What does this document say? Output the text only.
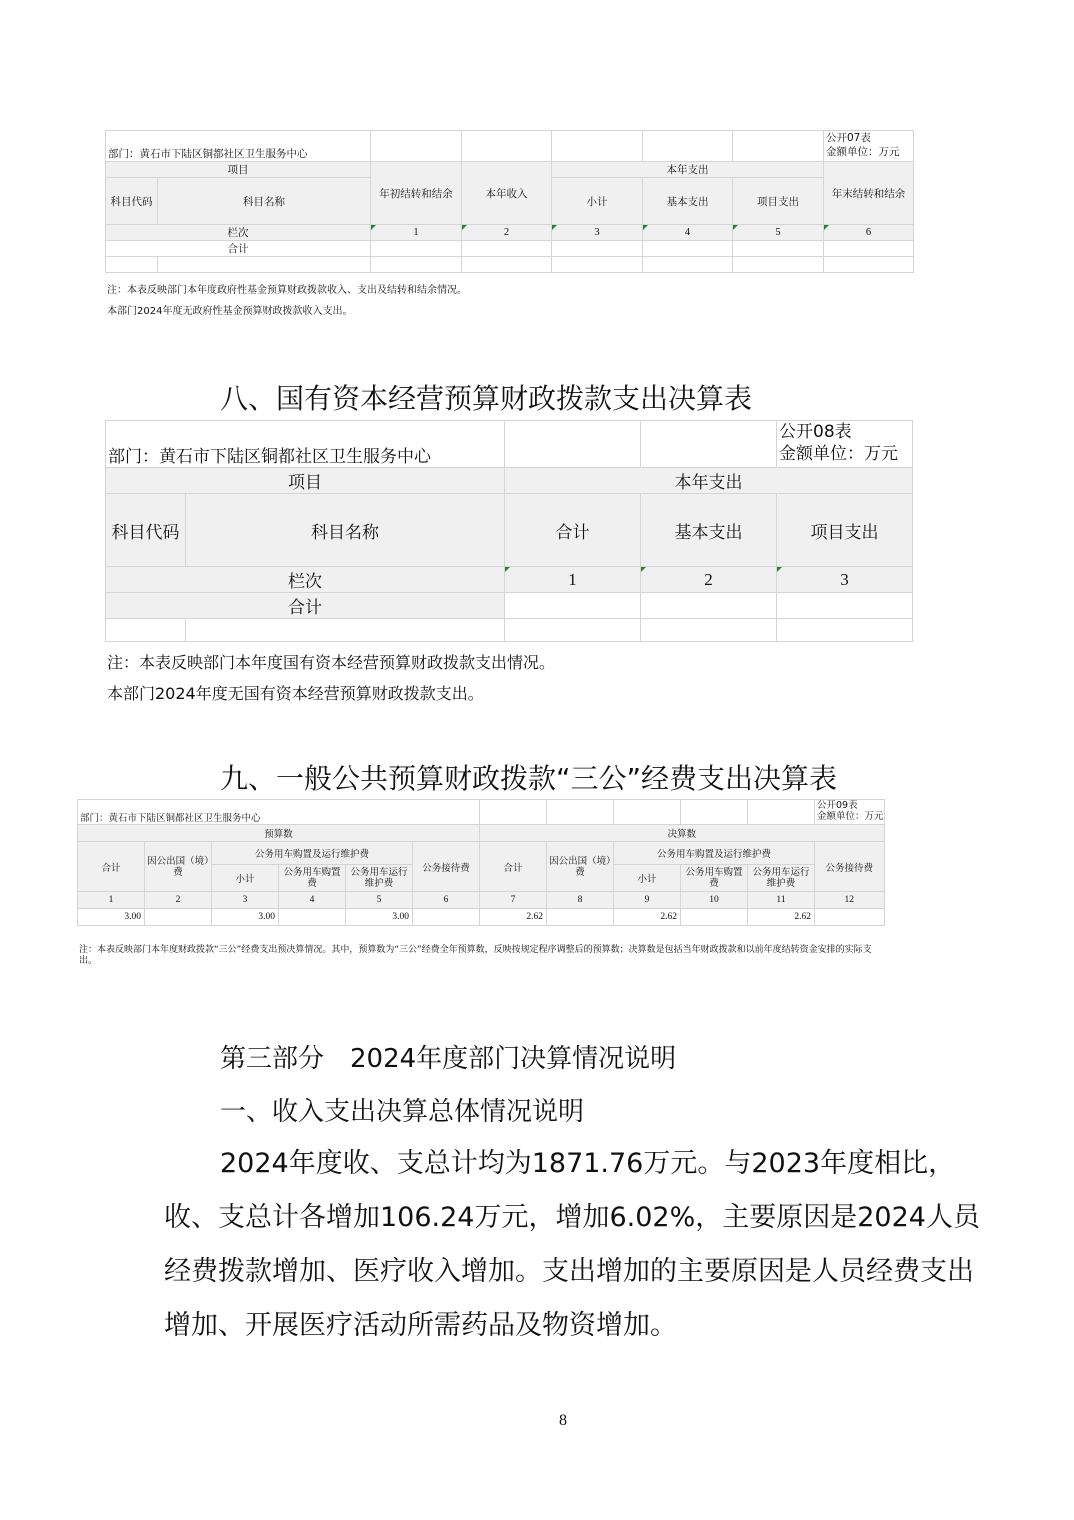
部门：黄石市下陆区铜都社区卫生服务中心							公开07表
金额单位：万元

项目		年初结转和结余	本年收入	本年支出			年末结转和结余
科目代码	科目名称			小计	基本支出	项目支出	
栏次		1	2	3	4	5	6
合计							

注：本表反映部门本年度政府性基金预算财政拨款收入、支出及结转和结余情况。
本部门2024年度无政府性基金预算财政拨款收入支出。
八、国有资本经营预算财政拨款支出决算表
部门：黄石市下陆区铜都社区卫生服务中心				公开08表
金额单位：万元

项目		本年支出		
科目代码	科目名称	合计	基本支出	项目支出
栏次		1	2	3
合计				

注：本表反映部门本年度国有资本经营预算财政拨款支出情况。
本部门2024年度无国有资本经营预算财政拨款支出。
九、一般公共预算财政拨款“三公”经费支出决算表
部门：黄石市下陆区铜都社区卫生服务中心											公开09表
金额单位：万元

预算数						决算数					
合计	因公出国（境）费	公务用车购置及运行维护费			公务接待费	合计	因公出国（境）费	公务用车购置及运行维护费			公务接待费
		小计	公务用车购置费	公务用车运行维护费				小计	公务用车购置费	公务用车运行维护费	
1	2	3	4	5	6	7	8	9	10	11	12
3.00		3.00		3.00		2.62		2.62		2.62	
注：本表反映部门本年度财政拨款“三公”经费支出预决算情况。其中，预算数为“三公”经费全年预算数，反映按规定程序调整后的预算数；决算数是包括当年财政拨款和以前年度结转资金安排的实际支出。
第三部分　2024年度部门决算情况说明
一、收入支出决算总体情况说明
2024年度收、支总计均为1871.76万元。与2023年度相比，收、支总计各增加106.24万元，增加6.02%，主要原因是2024人员经费拨款增加、医疗收入增加。支出增加的主要原因是人员经费支出增加、开展医疗活动所需药品及物资增加。
8
